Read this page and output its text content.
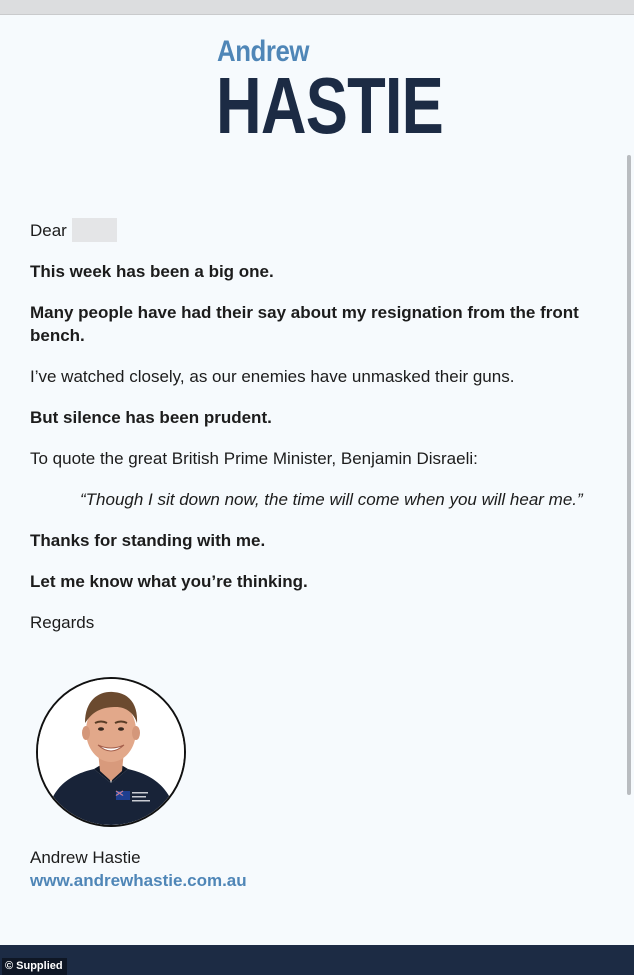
Andrew
HASTIE

Dear

This week has been a big one.

Many people have had their say about my resignation from the front bench.

I’ve watched closely, as our enemies have unmasked their guns.

But silence has been prudent.

To quote the great British Prime Minister, Benjamin Disraeli:

“Though I sit down now, the time will come when you will hear me.”

Thanks for standing with me.

Let me know what you’re thinking.

Regards

Andrew Hastie
www.andrewhastie.com.au
© Supplied
